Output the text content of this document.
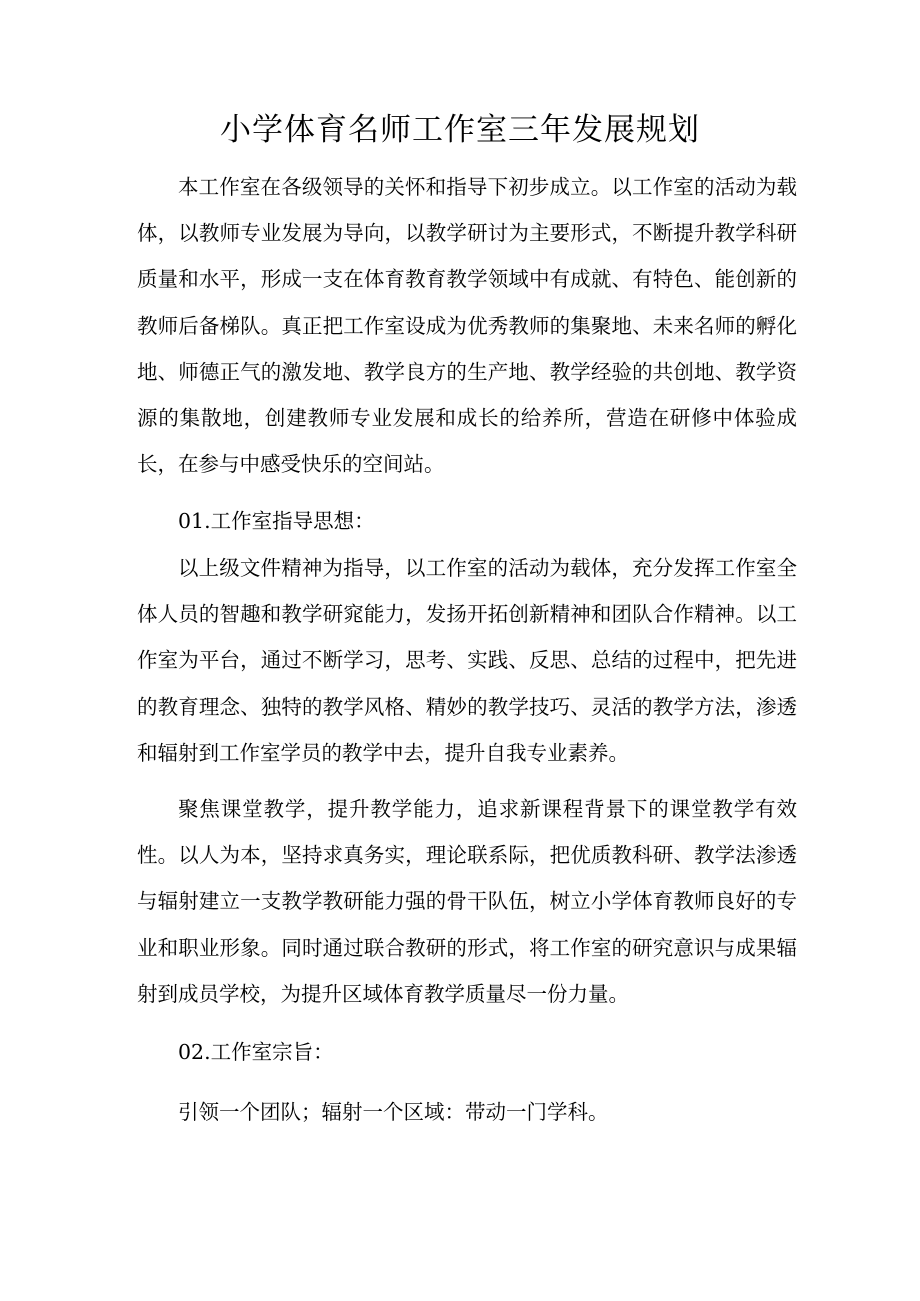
小学体育名师工作室三年发展规划

本工作室在各级领导的关怀和指导下初步成立。以工作室的活动为载体，以教师专业发展为导向，以教学研讨为主要形式，不断提升教学科研质量和水平，形成一支在体育教育教学领域中有成就、有特色、能创新的教师后备梯队。真正把工作室设成为优秀教师的集聚地、未来名师的孵化地、师德正气的激发地、教学良方的生产地、教学经验的共创地、教学资源的集散地，创建教师专业发展和成长的给养所，营造在研修中体验成长，在参与中感受快乐的空间站。

01.工作室指导思想：

以上级文件精神为指导，以工作室的活动为载体，充分发挥工作室全体人员的智趣和教学研窕能力，发扬开拓创新精神和团队合作精神。以工作室为平台，通过不断学习，思考、实践、反思、总结的过程中，把先进的教育理念、独特的教学风格、精妙的教学技巧、灵活的教学方法，渗透和辐射到工作室学员的教学中去，提升自我专业素养。

聚焦课堂教学，提升教学能力，追求新课程背景下的课堂教学有效性。以人为本，坚持求真务实，理论联系际，把优质教科研、教学法渗透与辐射建立一支教学教研能力强的骨干队伍，树立小学体育教师良好的专业和职业形象。同时通过联合教研的形式，将工作室的研究意识与成果辐射到成员学校，为提升区域体育教学质量尽一份力量。

02.工作室宗旨：

引领一个团队；辐射一个区域：带动一门学科。
